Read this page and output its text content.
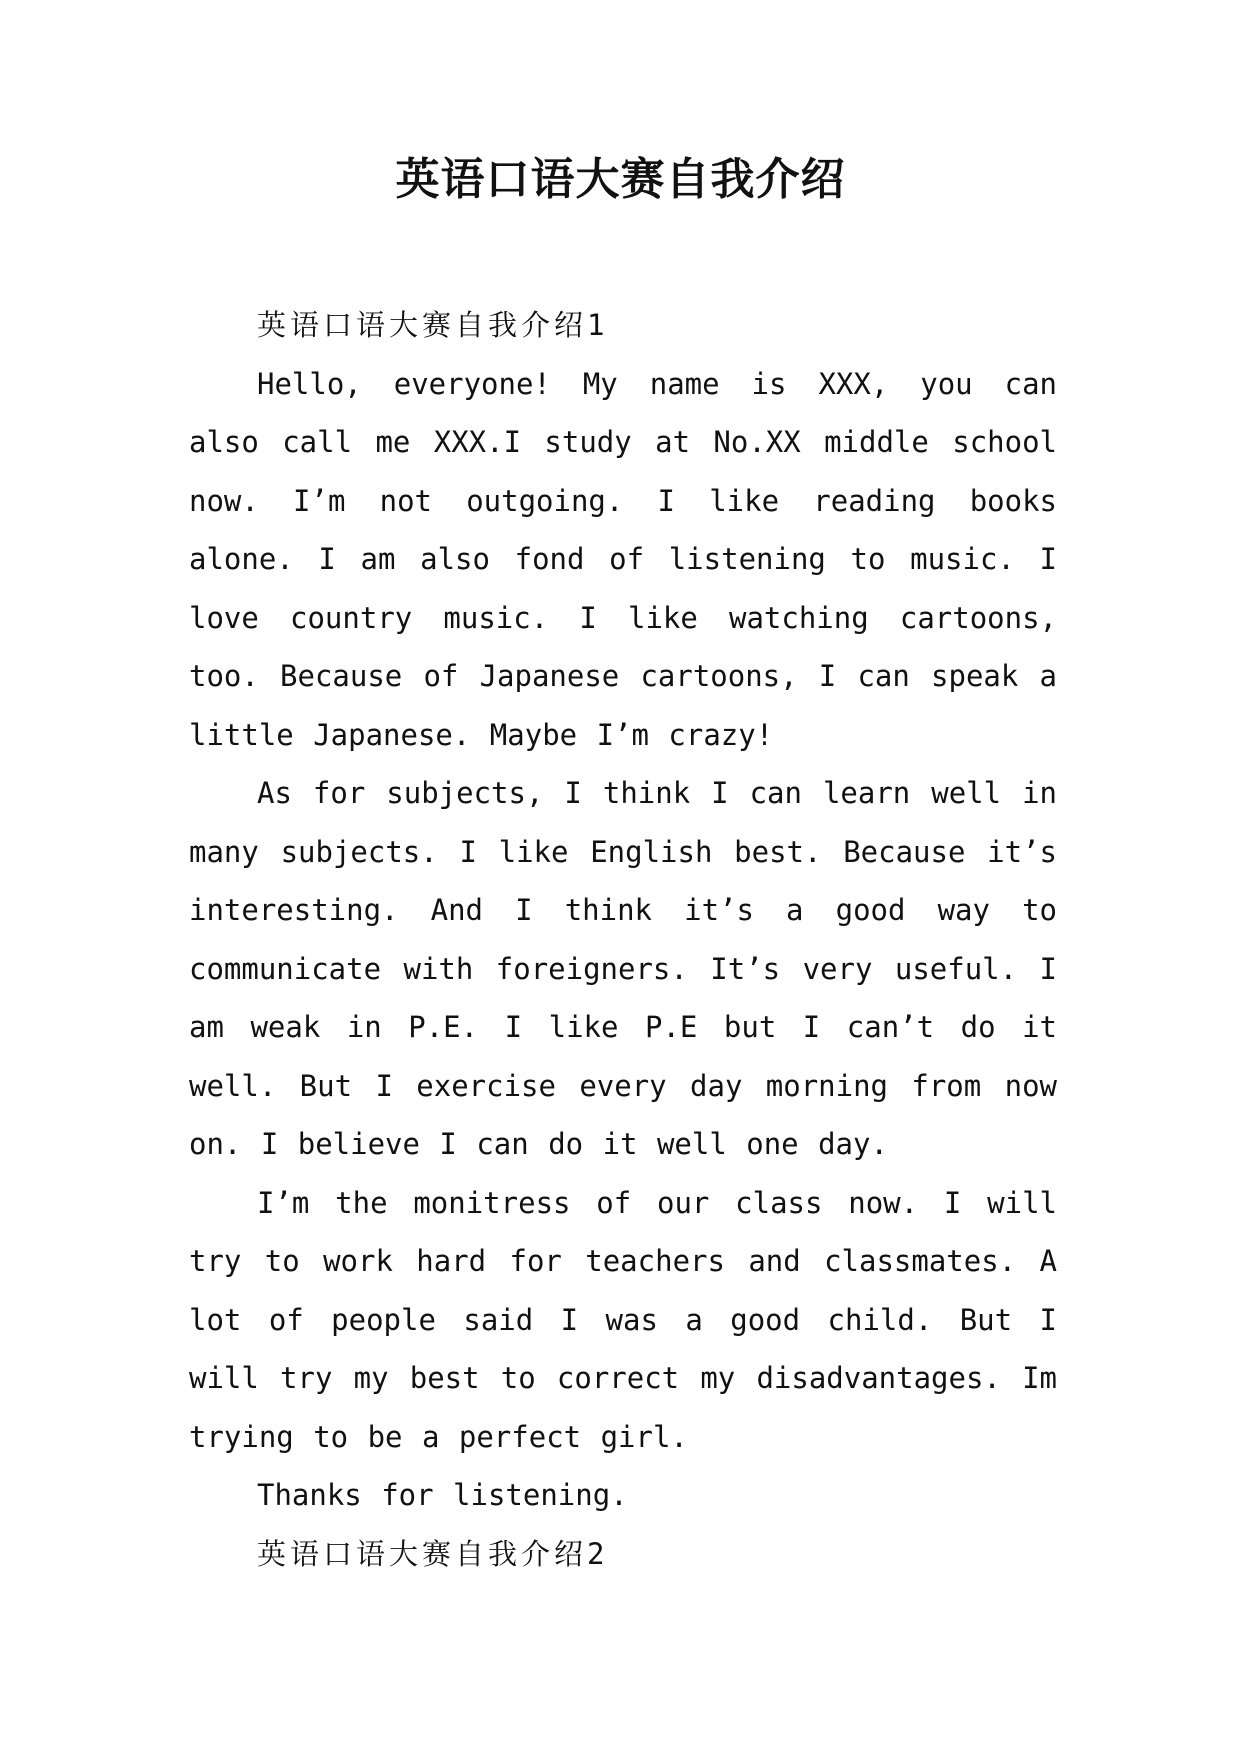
英语口语大赛自我介绍

英语口语大赛自我介绍1

Hello, everyone! My name is XXX, you can also call me XXX.I study at No.XX middle school now. I’m not outgoing. I like reading books alone. I am also fond of listening to music. I love country music. I like watching cartoons, too. Because of Japanese cartoons, I can speak a little Japanese. Maybe I’m crazy!

As for subjects, I think I can learn well in many subjects. I like English best. Because it’s interesting. And I think it’s a good way to communicate with foreigners. It’s very useful. I am weak in P.E. I like P.E but I can’t do it well. But I exercise every day morning from now on. I believe I can do it well one day.

I’m the monitress of our class now. I will try to work hard for teachers and classmates. A lot of people said I was a good child. But I will try my best to correct my disadvantages. Im trying to be a perfect girl.

Thanks for listening.

英语口语大赛自我介绍2
